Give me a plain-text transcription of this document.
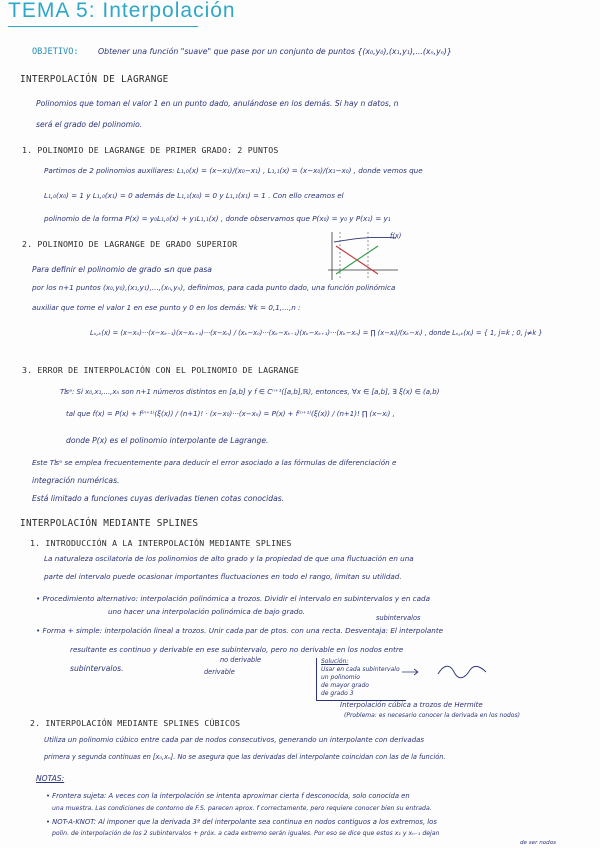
TEMA 5: Interpolación
OBJETIVO: Obtener una función "suave" que pase por un conjunto de puntos {(x₀,y₀),(x₁,y₁),...(xₙ,yₙ)}
INTERPOLACIÓN DE LAGRANGE
Polinomios que toman el valor 1 en un punto dado, anulándose en los demás. Si hay n datos, n
será el grado del polinomio.
1. POLINOMIO DE LAGRANGE DE PRIMER GRADO: 2 PUNTOS
Partimos de 2 polinomios auxiliares: L₁,₀(x) = (x−x₁)/(x₀−x₁) , L₁,₁(x) = (x−x₀)/(x₁−x₀) , donde vemos que
L₁,₀(x₀) = 1 y L₁,₀(x₁) = 0 además de L₁,₁(x₀) = 0 y L₁,₁(x₁) = 1 . Con ello creamos el
polinomio de la forma P(x) = y₀L₁,₀(x) + y₁L₁,₁(x) , donde observamos que P(x₀) = y₀ y P(x₁) = y₁
2. POLINOMIO DE LAGRANGE DE GRADO SUPERIOR
f(x)
Para definir el polinomio de grado ≤n que pasa
por los n+1 puntos (x₀,y₀),(x₁,y₁),...,(xₙ,yₙ), definimos, para cada punto dado, una función polinómica
auxiliar que tome el valor 1 en ese punto y 0 en los demás: ∀k = 0,1,...,n :
Lₙ,ₖ(x) = (x−x₀)···(x−xₖ₋₁)(x−xₖ₊₁)···(x−xₙ) / (xₖ−x₀)···(xₖ−xₖ₋₁)(xₖ−xₖ₊₁)···(xₖ−xₙ) = ∏ (x−xᵢ)/(xₖ−xᵢ) , donde Lₙ,ₖ(xⱼ) = { 1, j=k ; 0, j≠k }
3. ERROR DE INTERPOLACIÓN CON EL POLINOMIO DE LAGRANGE
Tʪᵃ: Si x₀,x₁,...,xₙ son n+1 números distintos en [a,b] y f ∈ Cⁿ⁺¹([a,b],ℝ), entonces, ∀x ∈ [a,b], ∃ ξ(x) ∈ (a,b)
tal que f(x) = P(x) + f⁽ⁿ⁺¹⁾(ξ(x)) / (n+1)! · (x−x₀)···(x−xₙ) = P(x) + f⁽ⁿ⁺¹⁾(ξ(x)) / (n+1)! ∏ (x−xᵢ) ,
donde P(x) es el polinomio interpolante de Lagrange.
Este Tʪᵃ se emplea frecuentemente para deducir el error asociado a las fórmulas de diferenciación e
integración numéricas.
Está limitado a funciones cuyas derivadas tienen cotas conocidas.
INTERPOLACIÓN MEDIANTE SPLINES
1. INTRODUCCIÓN A LA INTERPOLACIÓN MEDIANTE SPLINES
La naturaleza oscilatoria de los polinomios de alto grado y la propiedad de que una fluctuación en una
parte del intervalo puede ocasionar importantes fluctuaciones en todo el rango, limitan su utilidad.
• Procedimiento alternativo: interpolación polinómica a trozos. Dividir el intervalo en subintervalos y en cada
uno hacer una interpolación polinómica de bajo grado.
subintervalos
• Forma + simple: interpolación lineal a trozos. Unir cada par de ptos. con una recta. Desventaja: El interpolante
resultante es continuo y derivable en ese subintervalo, pero no derivable en los nodos entre
no derivable
subintervalos.	derivable
Solución:
Usar en cada subintervalo
un polinomio
de mayor grado
de grado 3
Interpolación cúbica a trozos de Hermite
(Problema: es necesario conocer la derivada en los nodos)
2. INTERPOLACIÓN MEDIANTE SPLINES CÚBICOS
Utiliza un polinomio cúbico entre cada par de nodos consecutivos, generando un interpolante con derivadas
primera y segunda continuas en [x₀,xₙ]. No se asegura que las derivadas del interpolante coincidan con las de la función.
NOTAS:
• Frontera sujeta: A veces con la interpolación se intenta aproximar cierta f desconocida, solo conocida en
una muestra. Las condiciones de contorno de F.S. parecen aprox. f correctamente, pero requiere conocer bien su entrada.
• NOT-A-KNOT: Al imponer que la derivada 3ª del interpolante sea continua en nodos contiguos a los extremos, los
polin. de interpolación de los 2 subintervalos + próx. a cada extremo serán iguales. Por eso se dice que estos x₁ y xₙ₋₁ dejan
de ser nodos
